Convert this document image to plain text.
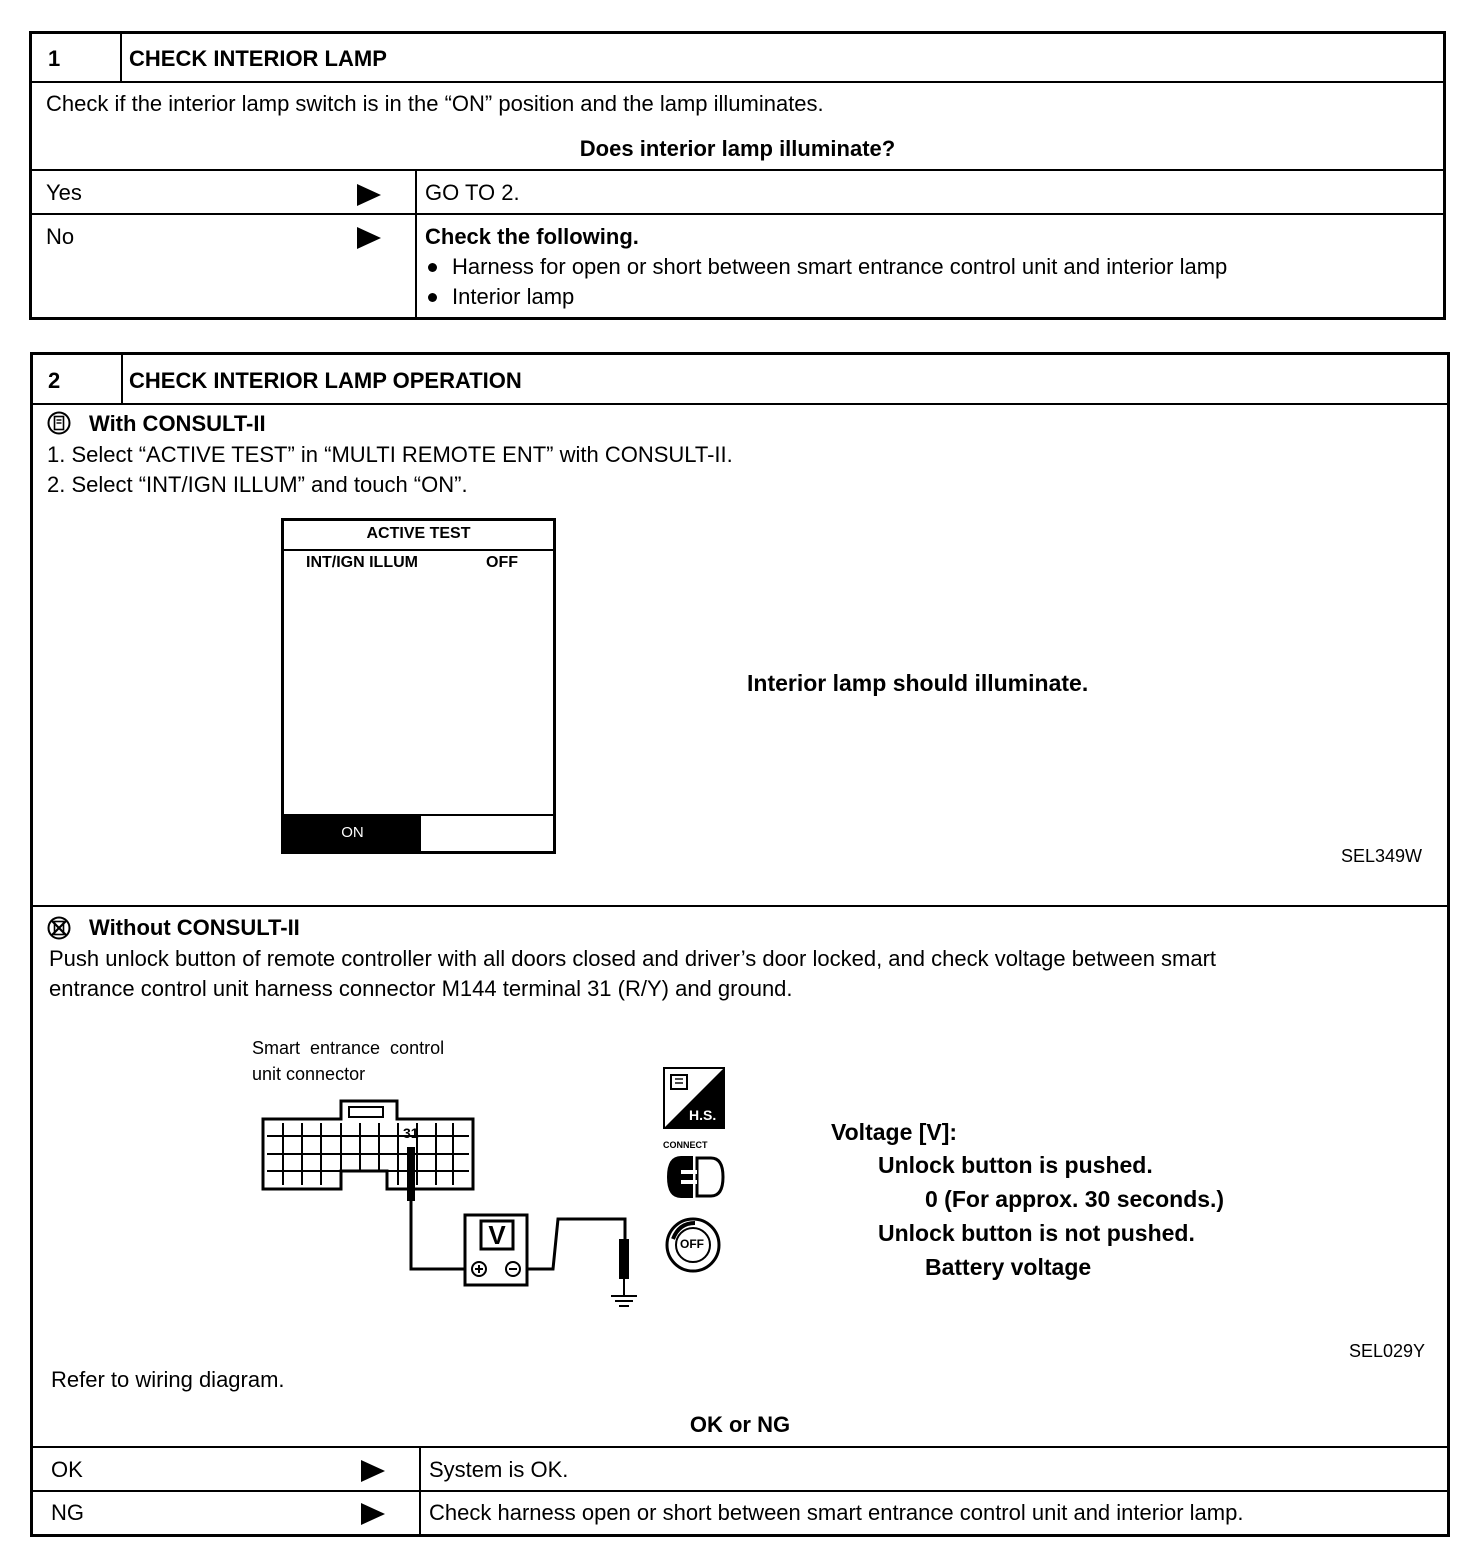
1	CHECK INTERIOR LAMP
Check if the interior lamp switch is in the “ON” position and the lamp illuminates.
Does interior lamp illuminate?
Yes	GO TO 2.
No	Check the following.
Harness for open or short between smart entrance control unit and interior lamp
Interior lamp
2	CHECK INTERIOR LAMP OPERATION
With CONSULT-II
1. Select “ACTIVE TEST” in “MULTI REMOTE ENT” with CONSULT-II.
2. Select “INT/IGN ILLUM” and touch “ON”.
ACTIVE TEST
INT/IGN ILLUM	OFF
ON
Interior lamp should illuminate.
SEL349W
Without CONSULT-II
Push unlock button of remote controller with all doors closed and driver’s door locked, and check voltage between smart
entrance control unit harness connector M144 terminal 31 (R/Y) and ground.
Smart  entrance  control
unit connector
31
V
H.S.
CONNECT
OFF
Voltage [V]:
Unlock button is pushed.
0 (For approx. 30 seconds.)
Unlock button is not pushed.
Battery voltage
SEL029Y
Refer to wiring diagram.
OK or NG
OK	System is OK.
NG	Check harness open or short between smart entrance control unit and interior lamp.
